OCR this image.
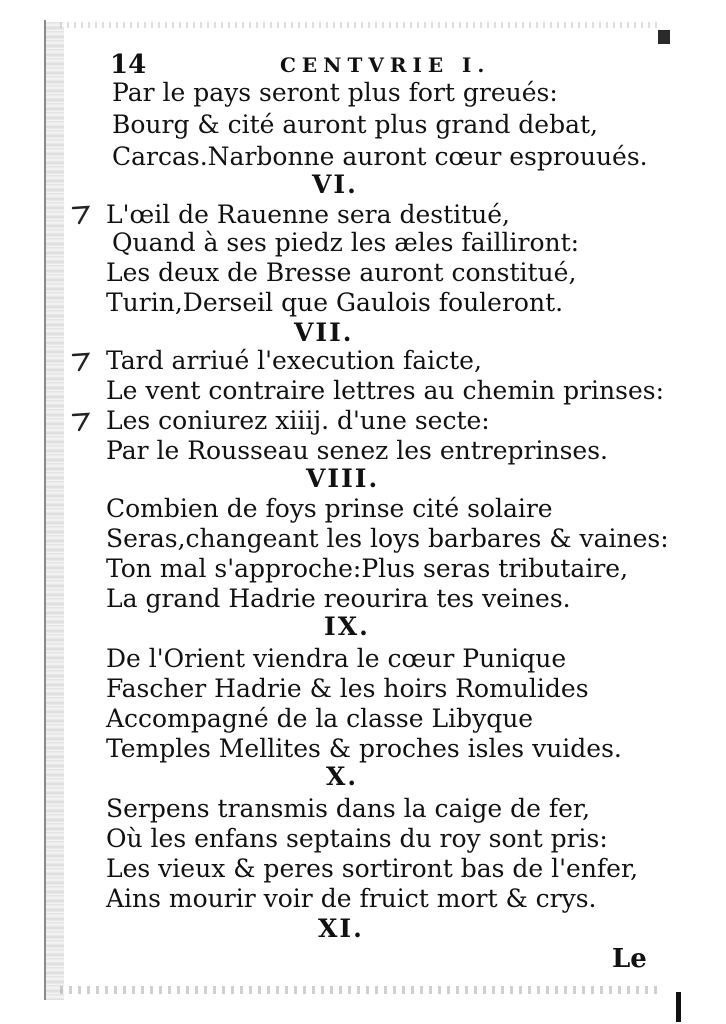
14	CENTVRIE I.
Par le pays seront plus fort greués:
Bourg & cité auront plus grand debat,
Carcas.Narbonne auront cœur esprouués.
VI.
L'œil de Rauenne sera destitué,
Quand à ses piedz les æles failliront:
Les deux de Bresse auront constitué,
Turin,Derseil que Gaulois fouleront.
VII.
Tard arriué l'execution faicte,
Le vent contraire lettres au chemin prinses:
Les coniurez xiiij. d'une secte:
Par le Rousseau senez les entreprinses.
VIII.
Combien de foys prinse cité solaire
Seras,changeant les loys barbares & vaines:
Ton mal s'approche:Plus seras tributaire,
La grand Hadrie reourira tes veines.
IX.
De l'Orient viendra le cœur Punique
Fascher Hadrie & les hoirs Romulides
Accompagné de la classe Libyque
Temples Mellites & proches isles vuides.
X.
Serpens transmis dans la caige de fer,
Où les enfans septains du roy sont pris:
Les vieux & peres sortiront bas de l'enfer,
Ains mourir voir de fruict mort & crys.
XI.
Le
